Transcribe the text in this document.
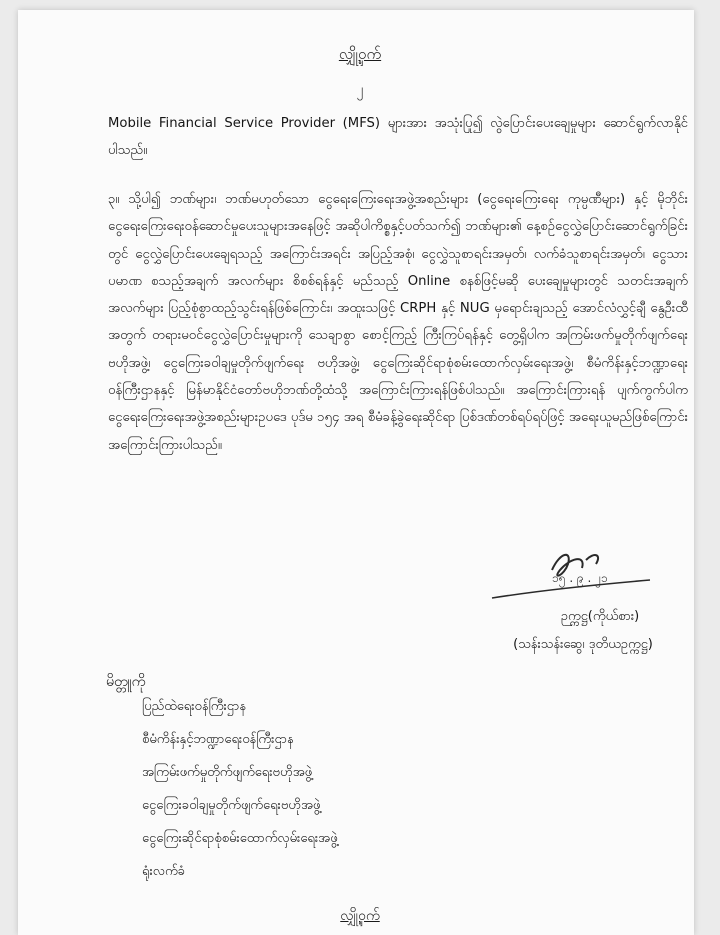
လျှို့ဝှက်
၂

Mobile Financial Service Provider (MFS) များအား အသုံးပြု၍ လွဲပြောင်းပေးချေမှုများ ဆောင်ရွက်လာနိုင်ပါသည်။

၃။ သို့ပါ၍ ဘဏ်များ၊ ဘဏ်မဟုတ်သော ငွေရေးကြေးရေးအဖွဲ့အစည်းများ (ငွေရေးကြေးရေး ကုမ္ပဏီများ) နှင့် မိုဘိုင်းငွေရေးကြေးရေးဝန်ဆောင်မှုပေးသူများအနေဖြင့် အဆိုပါကိစ္စနှင့်ပတ်သက်၍ ဘဏ်များ၏ နေ့စဉ်ငွေလွှဲပြောင်းဆောင်ရွက်ခြင်းတွင် ငွေလွှဲပြောင်းပေးချေရသည့် အကြောင်းအရင်း အပြည့်အစုံ၊ ငွေလွှဲသူစာရင်းအမှတ်၊ လက်ခံသူစာရင်းအမှတ်၊ ငွေသားပမာဏ စသည့်အချက် အလက်များ စိစစ်ရန်နှင့် မည်သည့် Online စနစ်ဖြင့်မဆို ပေးချေမှုများတွင် သတင်းအချက် အလက်များ ပြည့်စုံစွာထည့်သွင်းရန်ဖြစ်ကြောင်း၊ အထူးသဖြင့် CRPH နှင့် NUG မှရောင်းချသည့် အောင်လံလွှင့်ချီ နွေဦးထီအတွက် တရားမဝင်ငွေလွှဲပြောင်းမှုများကို သေချာစွာ စောင့်ကြည့် ကြီးကြပ်ရန်နှင့် တွေ့ရှိပါက အကြမ်းဖက်မှုတိုက်ဖျက်ရေးဗဟိုအဖွဲ့၊ ငွေကြေးခဝါချမှုတိုက်ဖျက်ရေး ဗဟိုအဖွဲ့၊ ငွေကြေးဆိုင်ရာစုံစမ်းထောက်လှမ်းရေးအဖွဲ့၊ စီမံကိန်းနှင့်ဘဏ္ဍာရေးဝန်ကြီးဌာနနှင့် မြန်မာနိုင်ငံတော်ဗဟိုဘဏ်တို့ထံသို့ အကြောင်းကြားရန်ဖြစ်ပါသည်။ အကြောင်းကြားရန် ပျက်ကွက်ပါက ငွေရေးကြေးရေးအဖွဲ့အစည်းများဥပဒေ ပုဒ်မ ၁၅၄ အရ စီမံခန့်ခွဲရေးဆိုင်ရာ ပြစ်ဒဏ်တစ်ရပ်ရပ်ဖြင့် အရေးယူမည်ဖြစ်ကြောင်း အကြောင်းကြားပါသည်။

၁၅ . ၉ . ၂၁
ဉက္ကဋ္ဌ(ကိုယ်စား)
(သန်းသန်းဆွေ၊ ဒုတိယဥက္ကဋ္ဌ)
မိတ္တူကို
ပြည်ထဲရေးဝန်ကြီးဌာန
စီမံကိန်းနှင့်ဘဏ္ဍာရေးဝန်ကြီးဌာန
အကြမ်းဖက်မှုတိုက်ဖျက်ရေးဗဟိုအဖွဲ့
ငွေကြေးခဝါချမှုတိုက်ဖျက်ရေးဗဟိုအဖွဲ့
ငွေကြေးဆိုင်ရာစုံစမ်းထောက်လှမ်းရေးအဖွဲ့
ရုံးလက်ခံ
လျှို့ဝှက်
